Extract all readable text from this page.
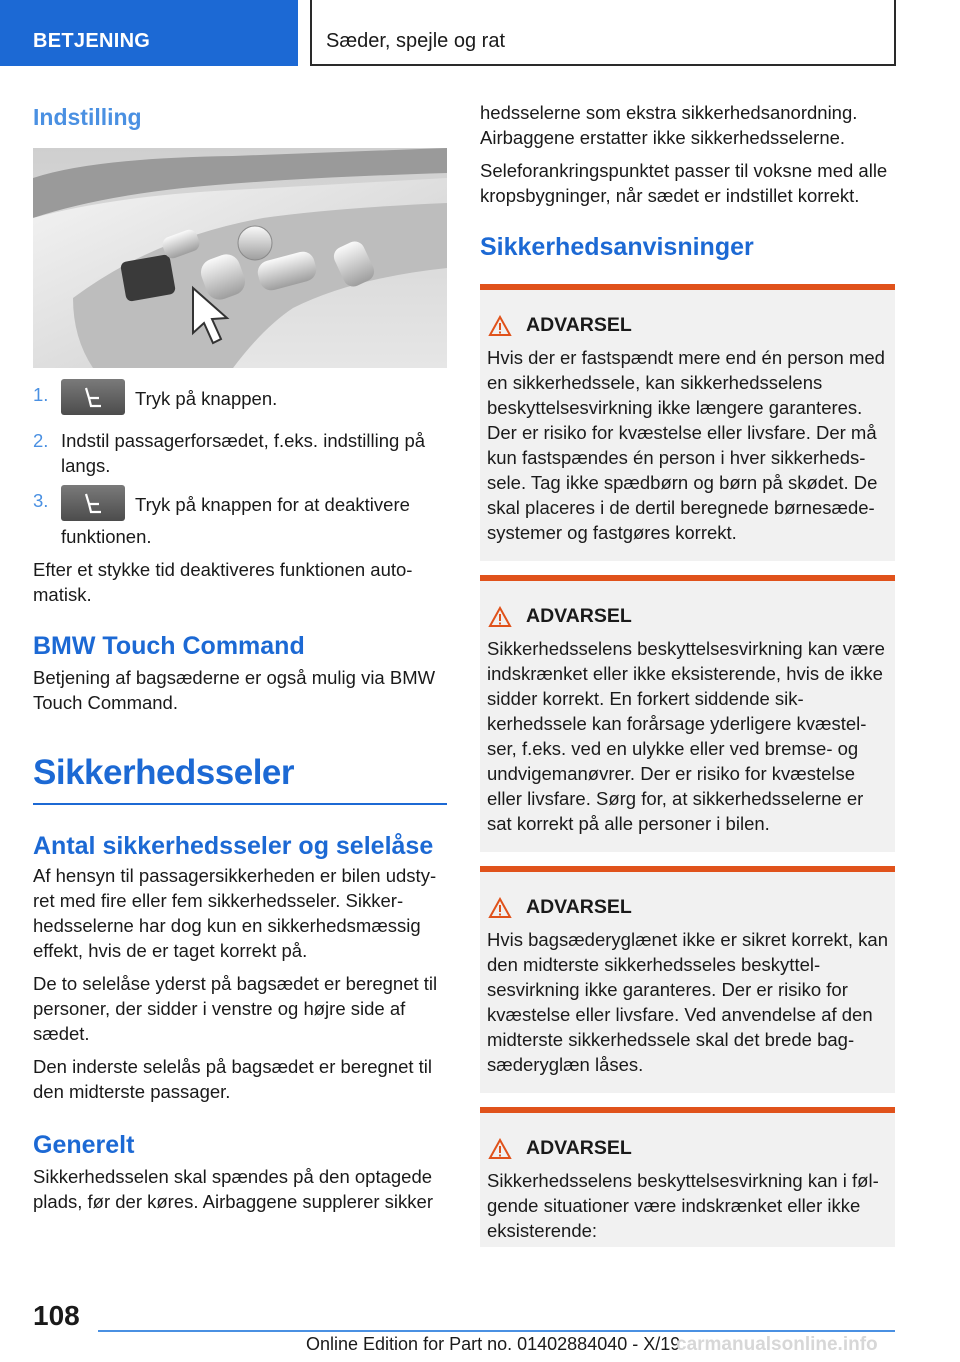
BETJENING	Sæder, spejle og rat
Indstilling
1.	Tryk på knappen.
2. Indstil passagerforsædet, f.eks. indstilling på langs.
3.	Tryk på knappen for at deaktivere funktionen.

Efter et stykke tid deaktiveres funktionen automatisk.

BMW Touch Command

Betjening af bagsæderne er også mulig via BMW Touch Command.

Sikkerhedsseler
Antal sikkerhedsseler og selelåse

Af hensyn til passagersikkerheden er bilen udstyret med fire eller fem sikkerhedsseler. Sikkerhedsselerne har dog kun en sikkerhedsmæssig effekt, hvis de er taget korrekt på.

De to selelåse yderst på bagsædet er beregnet til personer, der sidder i venstre og højre side af sædet.

Den inderste selelås på bagsædet er beregnet til den midterste passager.

Generelt

Sikkerhedsselen skal spændes på den optagede plads, før der køres. Airbaggene supplerer sikker

hedsselerne som ekstra sikkerhedsanordning. Airbaggene erstatter ikke sikkerhedsselerne.

Seleforankringspunktet passer til voksne med alle kropsbygninger, når sædet er indstillet korrekt.

Sikkerhedsanvisninger
ADVARSEL

Hvis der er fastspændt mere end én person med en sikkerhedssele, kan sikkerhedsselens beskyttelsesvirkning ikke længere garanteres. Der er risiko for kvæstelse eller livsfare. Der må kun fastspændes én person i hver sikkerhedssele. Tag ikke spædbørn og børn på skødet. De skal placeres i de dertil beregnede børnesædesystemer og fastgøres korrekt.

ADVARSEL

Sikkerhedsselens beskyttelsesvirkning kan være indskrænket eller ikke eksisterende, hvis de ikke sidder korrekt. En forkert siddende sikkerhedssele kan forårsage yderligere kvæstelser, f.eks. ved en ulykke eller ved bremse- og undvigemanøvrer. Der er risiko for kvæstelse eller livsfare. Sørg for, at sikkerhedsselerne er sat korrekt på alle personer i bilen.

ADVARSEL

Hvis bagsæderyglænet ikke er sikret korrekt, kan den midterste sikkerhedsseles beskyttelsesvirkning ikke garanteres. Der er risiko for kvæstelse eller livsfare. Ved anvendelse af den midterste sikkerhedssele skal det brede bagsæderyglæn låses.

ADVARSEL

Sikkerhedsselens beskyttelsesvirkning kan i følgende situationer være indskrænket eller ikke eksisterende:

108
Online Edition for Part no. 01402884040 - X/19
carmanualsonline.info
